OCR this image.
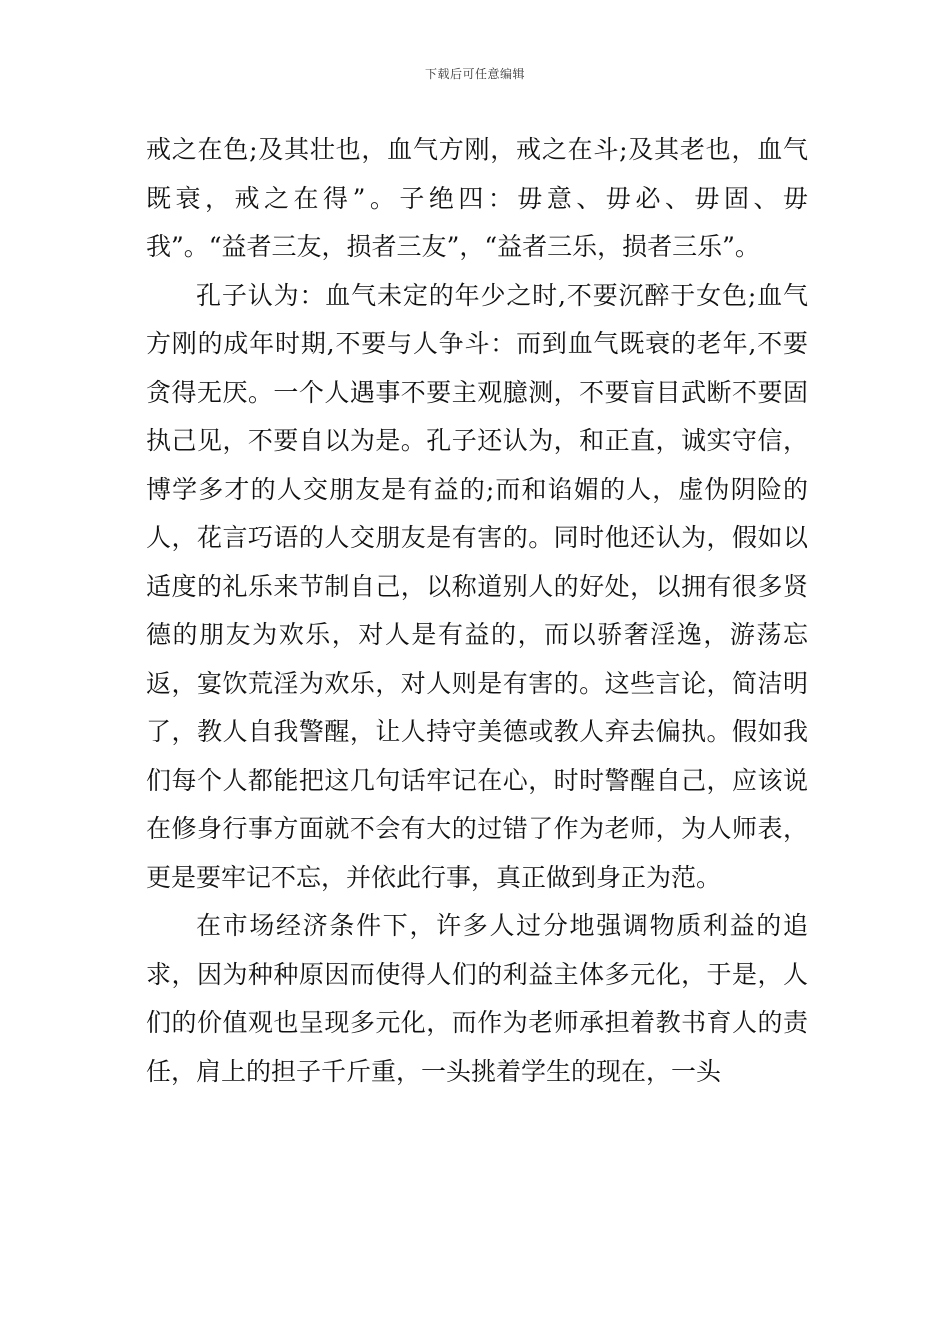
下载后可任意编辑

戒之在色;及其壮也，血气方刚，戒之在斗;及其老也，血气既衰，戒之在得”。子绝四：毋意、毋必、毋固、毋我”。“益者三友，损者三友”，“益者三乐，损者三乐”。

孔子认为：血气未定的年少之时,不要沉醉于女色;血气方刚的成年时期,不要与人争斗：而到血气既衰的老年,不要贪得无厌。一个人遇事不要主观臆测，不要盲目武断不要固执己见，不要自以为是。孔子还认为，和正直，诚实守信，博学多才的人交朋友是有益的;而和谄媚的人，虚伪阴险的人，花言巧语的人交朋友是有害的。同时他还认为，假如以适度的礼乐来节制自己，以称道别人的好处，以拥有很多贤德的朋友为欢乐，对人是有益的，而以骄奢淫逸，游荡忘返，宴饮荒淫为欢乐，对人则是有害的。这些言论，简洁明了，教人自我警醒，让人持守美德或教人弃去偏执。假如我们每个人都能把这几句话牢记在心，时时警醒自己，应该说在修身行事方面就不会有大的过错了作为老师，为人师表，更是要牢记不忘，并依此行事，真正做到身正为范。

在市场经济条件下，许多人过分地强调物质利益的追求，因为种种原因而使得人们的利益主体多元化，于是，人们的价值观也呈现多元化，而作为老师承担着教书育人的责任，肩上的担子千斤重，一头挑着学生的现在，一头
